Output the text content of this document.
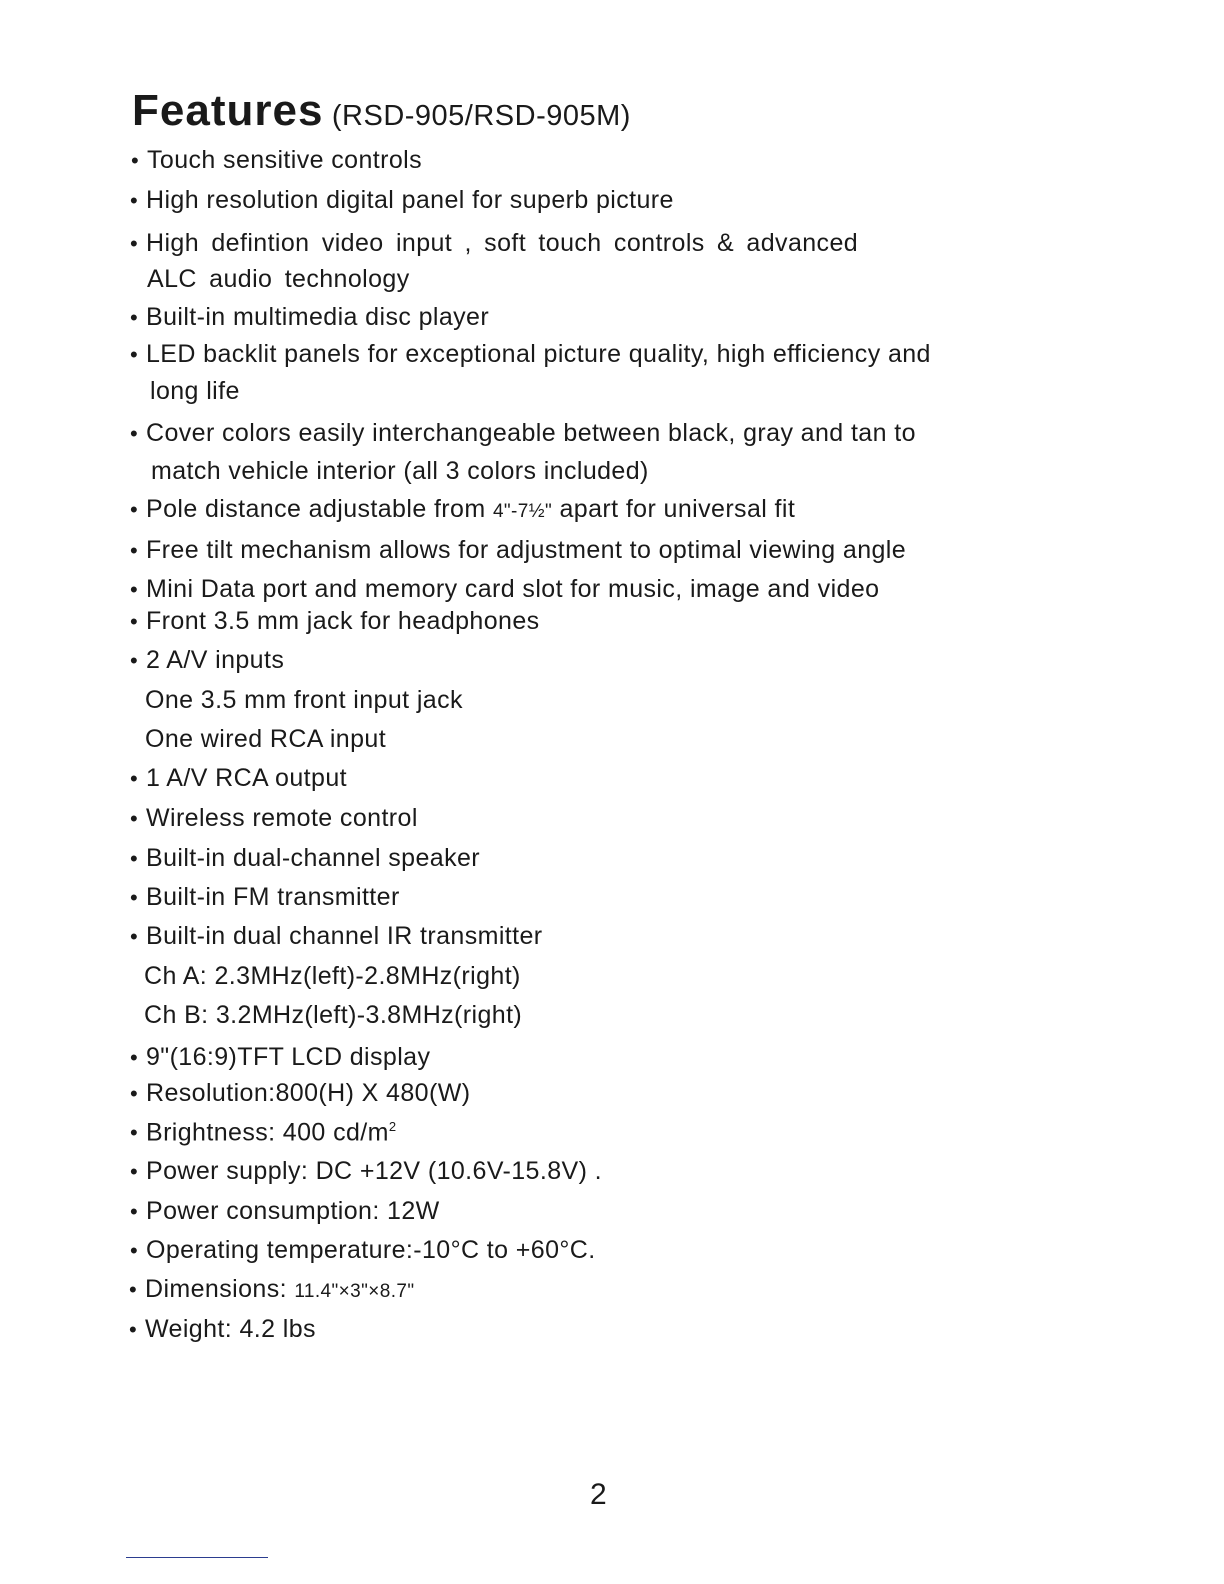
Features (RSD-905/RSD-905M)
• Touch sensitive controls
• High resolution digital panel for superb picture
• High defintion video input , soft touch controls & advanced
ALC audio technology
• Built-in multimedia disc player
• LED backlit panels for exceptional picture quality, high efficiency and
long life
• Cover colors easily interchangeable between black, gray and tan to
match vehicle interior (all 3 colors included)
• Pole distance adjustable from 4"-7½" apart for universal fit
• Free tilt mechanism allows for adjustment to optimal viewing angle
• Mini Data port and memory card slot for music, image and video
• Front 3.5 mm jack for headphones
• 2 A/V inputs
One 3.5 mm front input jack
One wired RCA input
• 1 A/V RCA output
• Wireless remote control
• Built-in dual-channel speaker
• Built-in FM transmitter
• Built-in dual channel IR transmitter
Ch A: 2.3MHz(left)-2.8MHz(right)
Ch B: 3.2MHz(left)-3.8MHz(right)
• 9"(16:9)TFT LCD display
• Resolution:800(H) X 480(W)
• Brightness: 400 $cd/m^2$
• Power supply: DC +12V (10.6V-15.8V) .
• Power consumption: 12W
• Operating temperature:-10°C to +60°C.
• Dimensions: 11.4"×3"×8.7"
• Weight: 4.2 lbs
2
